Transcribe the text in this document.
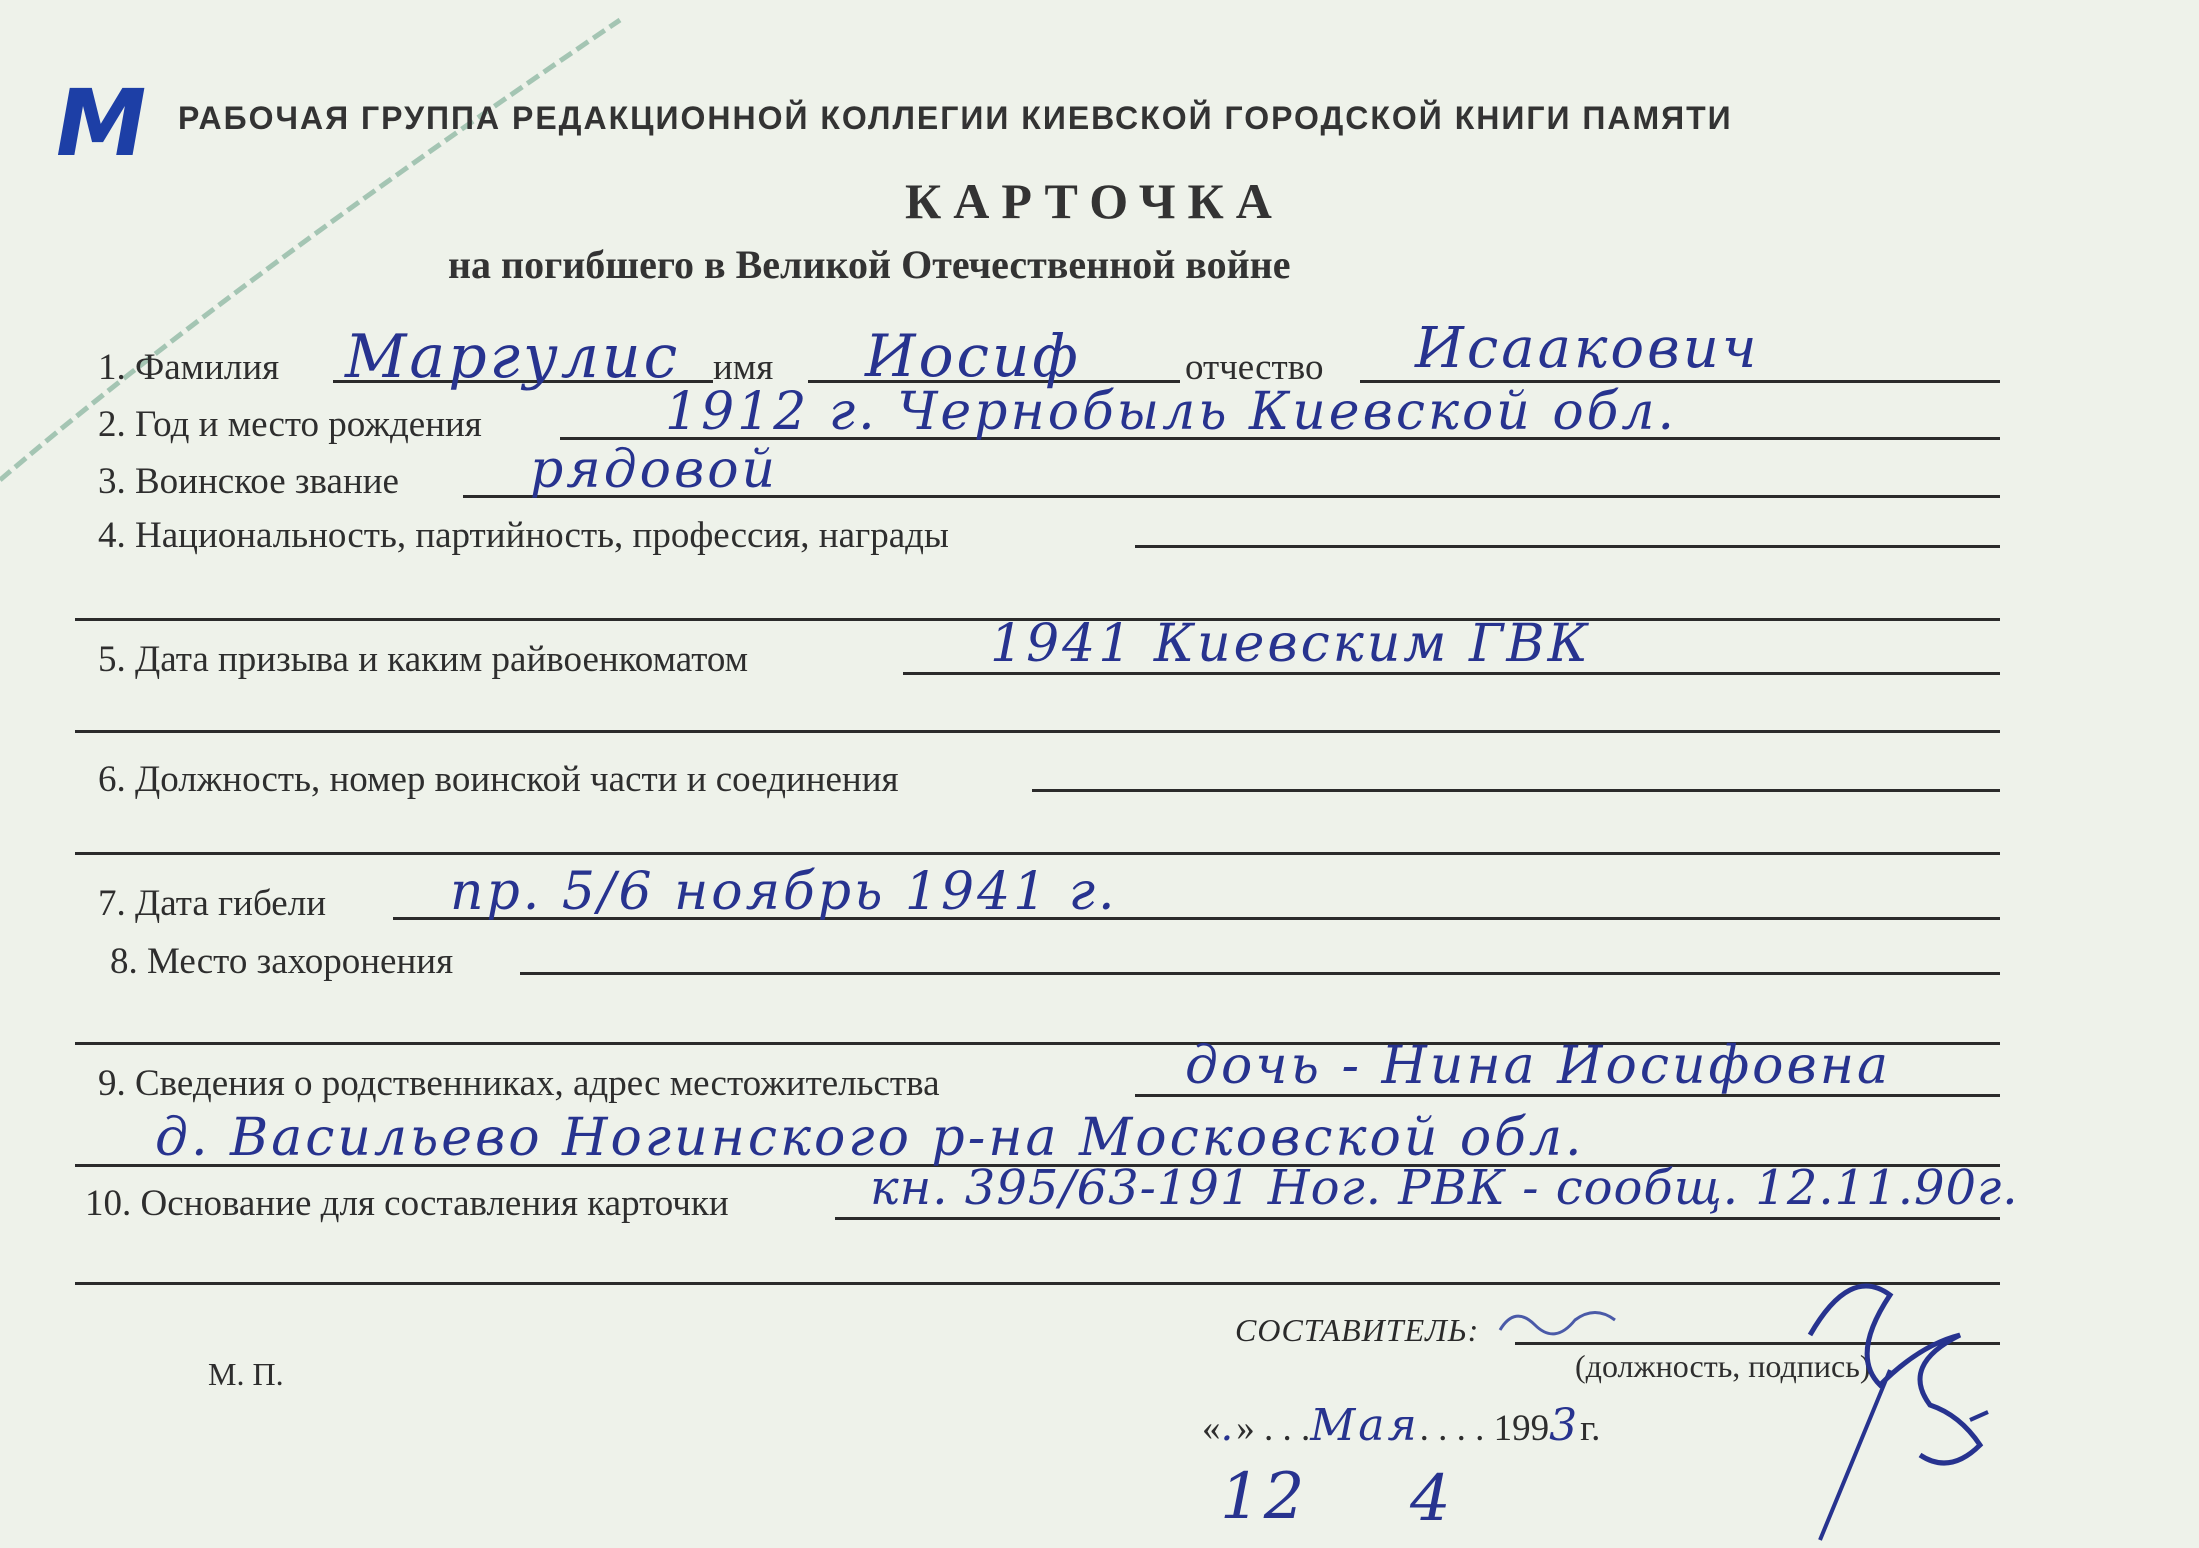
M РАБОЧАЯ ГРУППА РЕДАКЦИОННОЙ КОЛЛЕГИИ КИЕВСКОЙ ГОРОДСКОЙ КНИГИ ПАМЯТИ
КАРТОЧКА
на погибшего в Великой Отечественной войне
1. Фамилия Маргулис имя Иосиф	отчество Исаакович
2. Год и место рождения	1912 г. Чернобыль Киевской обл.
3. Воинское звание	рядовой
4. Национальность, партийность, профессия, награды
5. Дата призыва и каким райвоенкоматом	1941 Киевским ГВК
6. Должность, номер воинской части и соединения
7. Дата гибели пр. 5/6 ноябрь 1941 г.
8. Место захоронения
9. Сведения о родственниках, адрес местожительства	дочь - Нина Иосифовна
д. Васильево Ногинского р-на Московской обл.
10. Основание для составления карточки	кн. 395/63-191 Ног. РВК - сообщ. 12.11.90г.
СОСТАВИТЕЛЬ:
(должность, подпись)
М. П.
«.» . . .Мая. . . . 1993г.
12 4
